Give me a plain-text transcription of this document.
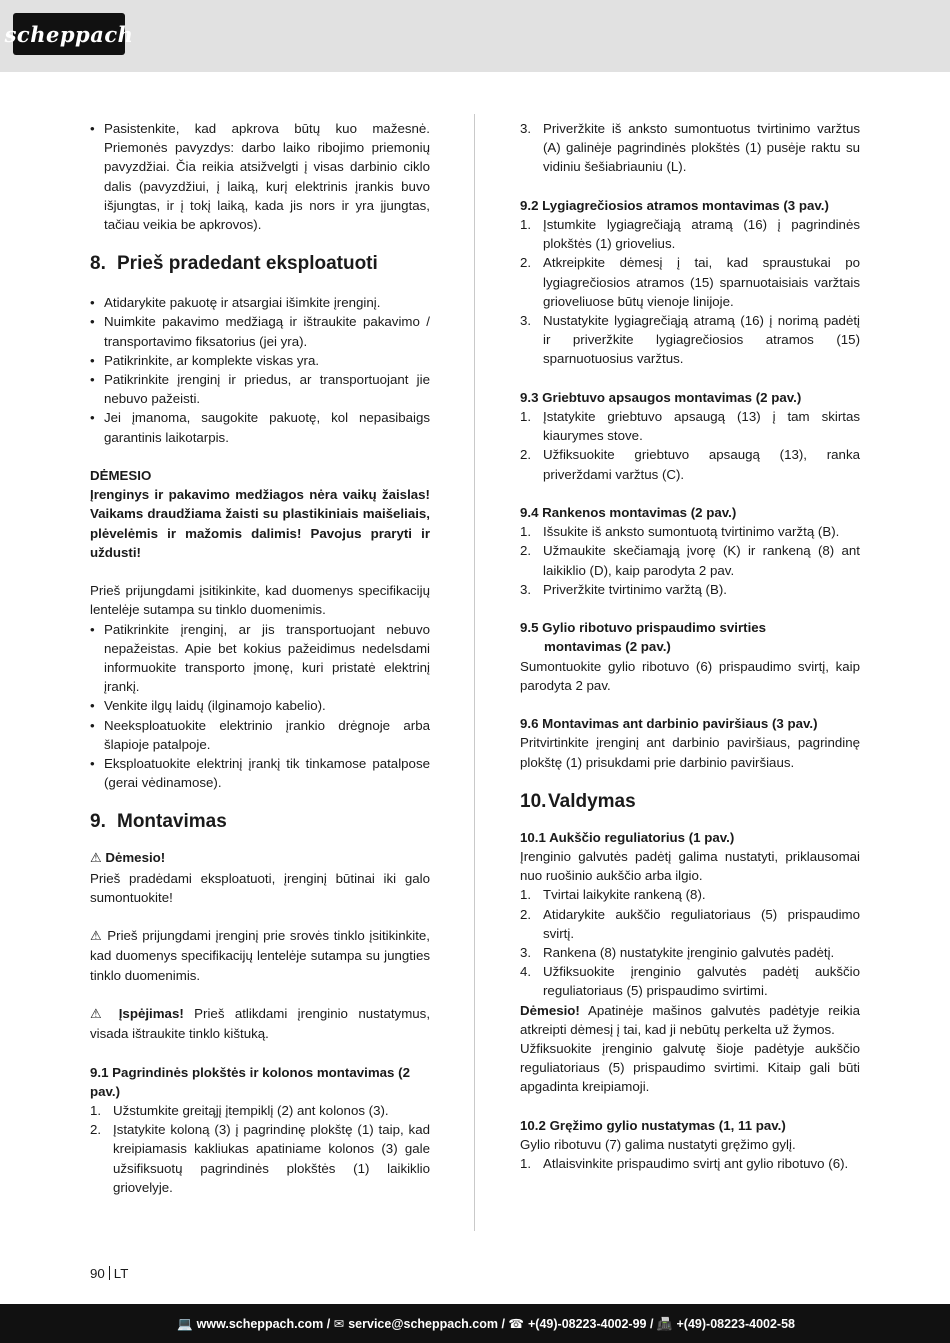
scheppach
• Pasistenkite, kad apkrova būtų kuo mažesnė. Priemonės pavyzdys: darbo laiko ribojimo priemonių pavyzdžiai. Čia reikia atsižvelgti į visas darbinio ciklo dalis (pavyzdžiui, į laiką, kurį elektrinis įrankis buvo išjungtas, ir į tokį laiką, kada jis nors ir yra įjungtas, tačiau veikia be apkrovos).
8. Prieš pradedant eksploatuoti
• Atidarykite pakuotę ir atsargiai išimkite įrenginį.
• Nuimkite pakavimo medžiagą ir ištraukite pakavimo / transportavimo fiksatorius (jei yra).
• Patikrinkite, ar komplekte viskas yra.
• Patikrinkite įrenginį ir priedus, ar transportuojant jie nebuvo pažeisti.
• Jei įmanoma, saugokite pakuotę, kol nepasibaigs garantinis laikotarpis.

DĖMESIO

Įrenginys ir pakavimo medžiagos nėra vaikų žaislas! Vaikams draudžiama žaisti su plastikiniais maišeliais, plėvelėmis ir mažomis dalimis! Pavojus praryti ir uždusti!

Prieš prijungdami įsitikinkite, kad duomenys specifikacijų lentelėje sutampa su tinklo duomenimis.

• Patikrinkite įrenginį, ar jis transportuojant nebuvo nepažeistas. Apie bet kokius pažeidimus nedelsdami informuokite transporto įmonę, kuri pristatė elektrinį įrankį.
• Venkite ilgų laidų (ilginamojo kabelio).
• Neeksploatuokite elektrinio įrankio drėgnoje arba šlapioje patalpoje.
• Eksploatuokite elektrinį įrankį tik tinkamose patalpose (gerai vėdinamose).
9. Montavimas

⚠ Dėmesio!

Prieš pradėdami eksploatuoti, įrenginį būtinai iki galo sumontuokite!

⚠ Prieš prijungdami įrenginį prie srovės tinklo įsitikinkite, kad duomenys specifikacijų lentelėje sutampa su jungties tinklo duomenimis.

⚠ Įspėjimas! Prieš atlikdami įrenginio nustatymus, visada ištraukite tinklo kištuką.

9.1 Pagrindinės plokštės ir kolonos montavimas (2 pav.)
1. Užstumkite greitąjį įtempiklį (2) ant kolonos (3).
2. Įstatykite koloną (3) į pagrindinę plokštę (1) taip, kad kreipiamasis kakliukas apatiniame kolonos (3) gale užsifiksuotų pagrindinės plokštės (1) laikiklio griovelyje.
3. Priveržkite iš anksto sumontuotus tvirtinimo varžtus (A) galinėje pagrindinės plokštės (1) pusėje raktu su vidiniu šešiabriauniu (L).
9.2 Lygiagrečiosios atramos montavimas (3 pav.)
1. Įstumkite lygiagrečiąją atramą (16) į pagrindinės plokštės (1) griovelius.
2. Atkreipkite dėmesį į tai, kad spraustukai po lygiagrečiosios atramos (15) sparnuotaisiais varžtais grioveliuose būtų vienoje linijoje.
3. Nustatykite lygiagrečiąją atramą (16) į norimą padėtį ir priveržkite lygiagrečiosios atramos (15) sparnuotuosius varžtus.
9.3 Griebtuvo apsaugos montavimas (2 pav.)
1. Įstatykite griebtuvo apsaugą (13) į tam skirtas kiaurymes stove.
2. Užfiksuokite griebtuvo apsaugą (13), ranka priverždami varžtus (C).
9.4 Rankenos montavimas (2 pav.)
1. Išsukite iš anksto sumontuotą tvirtinimo varžtą (B).
2. Užmaukite skečiamąją įvorę (K) ir rankeną (8) ant laikiklio (D), kaip parodyta 2 pav.
3. Priveržkite tvirtinimo varžtą (B).
9.5 Gylio ribotuvo prispaudimo svirties
montavimas (2 pav.)

Sumontuokite gylio ribotuvo (6) prispaudimo svirtį, kaip parodyta 2 pav.

9.6 Montavimas ant darbinio paviršiaus (3 pav.)

Pritvirtinkite įrenginį ant darbinio paviršiaus, pagrindinę plokštę (1) prisukdami prie darbinio paviršiaus.

10.Valdymas
10.1 Aukščio reguliatorius (1 pav.)

Įrenginio galvutės padėtį galima nustatyti, priklausomai nuo ruošinio aukščio arba ilgio.

1. Tvirtai laikykite rankeną (8).
2. Atidarykite aukščio reguliatoriaus (5) prispaudimo svirtį.
3. Rankena (8) nustatykite įrenginio galvutės padėtį.
4. Užfiksuokite įrenginio galvutės padėtį aukščio reguliatoriaus (5) prispaudimo svirtimi.

Dėmesio! Apatinėje mašinos galvutės padėtyje reikia atkreipti dėmesį į tai, kad ji nebūtų perkelta už žymos.

Užfiksuokite įrenginio galvutę šioje padėtyje aukščio reguliatoriaus (5) prispaudimo svirtimi. Kitaip gali būti apgadinta kreipiamoji.

10.2 Gręžimo gylio nustatymas (1, 11 pav.)

Gylio ribotuvu (7) galima nustatyti gręžimo gylį.

1. Atlaisvinkite prispaudimo svirtį ant gylio ribotuvo (6).
90 LT
💻 www.scheppach.com /
✉ service@scheppach.com /
☎ +(49)-08223-4002-99 /
📠 +(49)-08223-4002-58
